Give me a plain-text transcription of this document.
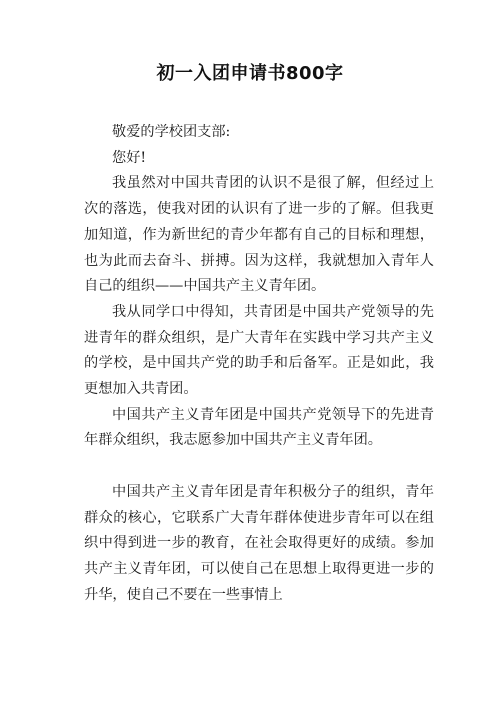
初一入团申请书800字

敬爱的学校团支部:

您好!

我虽然对中国共青团的认识不是很了解，但经过上次的落选，使我对团的认识有了进一步的了解。但我更加知道，作为新世纪的青少年都有自己的目标和理想，也为此而去奋斗、拼搏。因为这样，我就想加入青年人自己的组织——中国共产主义青年团。

我从同学口中得知，共青团是中国共产党领导的先进青年的群众组织，是广大青年在实践中学习共产主义的学校，是中国共产党的助手和后备军。正是如此，我更想加入共青团。

中国共产主义青年团是中国共产党领导下的先进青年群众组织，我志愿参加中国共产主义青年团。

中国共产主义青年团是青年积极分子的组织，青年群众的核心，它联系广大青年群体使进步青年可以在组织中得到进一步的教育，在社会取得更好的成绩。参加共产主义青年团，可以使自己在思想上取得更进一步的升华，使自己不要在一些事情上
